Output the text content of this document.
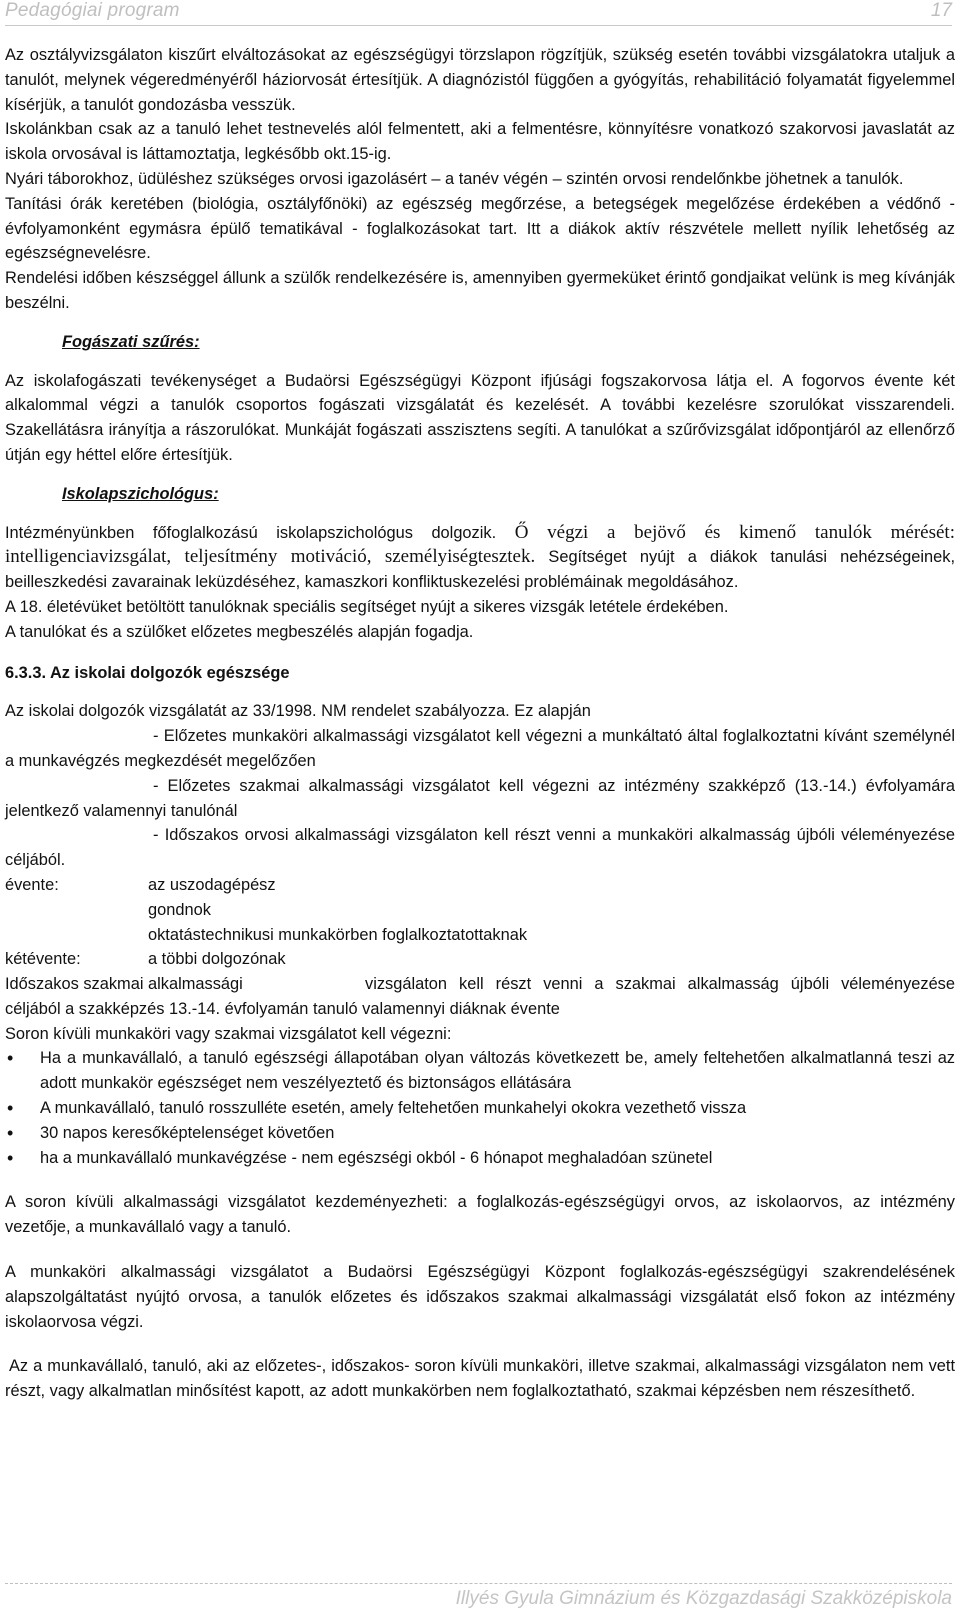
Pedagógiai program	17

Az osztályvizsgálaton kiszűrt elváltozásokat az egészségügyi törzslapon rögzítjük, szükség esetén további vizsgálatokra utaljuk a tanulót, melynek végeredményéről háziorvosát értesítjük. A diagnózistól függően a gyógyítás, rehabilitáció folyamatát figyelemmel kísérjük, a tanulót gondozásba vesszük.

Iskolánkban csak az a tanuló lehet testnevelés alól felmentett, aki a felmentésre, könnyítésre vonatkozó szakorvosi javaslatát az iskola orvosával is láttamoztatja, legkésőbb okt.15-ig.

Nyári táborokhoz, üdüléshez szükséges orvosi igazolásért – a tanév végén – szintén orvosi rendelőnkbe jöhetnek a tanulók.

Tanítási órák keretében (biológia, osztályfőnöki) az egészség megőrzése, a betegségek megelőzése érdekében a védőnő - évfolyamonként egymásra épülő tematikával - foglalkozásokat tart. Itt a diákok aktív részvétele mellett nyílik lehetőség az egészségnevelésre.

Rendelési időben készséggel állunk a szülők rendelkezésére is, amennyiben gyermeküket érintő gondjaikat velünk is meg kívánják beszélni.

Fogászati szűrés:

Az iskolafogászati tevékenységet a Budaörsi Egészségügyi Központ ifjúsági fogszakorvosa látja el. A fogorvos évente két alkalommal végzi a tanulók csoportos fogászati vizsgálatát és kezelését. A további kezelésre szorulókat visszarendeli. Szakellátásra irányítja a rászorulókat. Munkáját fogászati asszisztens segíti. A tanulókat a szűrővizsgálat időpontjáról az ellenőrző útján egy héttel előre értesítjük.

Iskolapszichológus:

Intézményünkben főfoglalkozású iskolapszichológus dolgozik. Ő végzi a bejövő és kimenő tanulók mérését: intelligenciavizsgálat, teljesítmény motiváció, személyiségtesztek. Segítséget nyújt a diákok tanulási nehézségeinek, beilleszkedési zavarainak leküzdéséhez, kamaszkori konfliktuskezelési problémáinak megoldásához.

A 18. életévüket betöltött tanulóknak speciális segítséget nyújt a sikeres vizsgák letétele érdekében.

A tanulókat és a szülőket előzetes megbeszélés alapján fogadja.

6.3.3. Az iskolai dolgozók egészsége

Az iskolai dolgozók vizsgálatát az 33/1998. NM rendelet szabályozza. Ez alapján

- Előzetes munkaköri alkalmassági vizsgálatot kell végezni a munkáltató által foglalkoztatni kívánt személynél a munkavégzés megkezdését megelőzően

- Előzetes szakmai alkalmassági vizsgálatot kell végezni az intézmény szakképző (13.-14.) évfolyamára jelentkező valamennyi tanulónál

- Időszakos orvosi alkalmassági vizsgálaton kell részt venni a munkaköri alkalmasság újbóli véleményezése céljából.

évente:	az uszodagépész
gondnok
oktatástechnikusi munkakörben foglalkoztatottaknak
kétévente:	a többi dolgozónak

Időszakos szakmai alkalmassági	vizsgálaton kell részt venni a szakmai alkalmasság újbóli véleményezése céljából a szakképzés 13.-14. évfolyamán tanuló valamennyi diáknak évente

Soron kívüli munkaköri vagy szakmai vizsgálatot kell végezni:

• Ha a munkavállaló, a tanuló egészségi állapotában olyan változás következett be, amely feltehetően alkalmatlanná teszi az adott munkakör egészséget nem veszélyeztető és biztonságos ellátására
• A munkavállaló, tanuló rosszulléte esetén, amely feltehetően munkahelyi okokra vezethető vissza
• 30 napos keresőképtelenséget követően
• ha a munkavállaló munkavégzése - nem egészségi okból - 6 hónapot meghaladóan szünetel

A soron kívüli alkalmassági vizsgálatot kezdeményezheti: a foglalkozás-egészségügyi orvos, az iskolaorvos, az intézmény vezetője, a munkavállaló vagy a tanuló.

A munkaköri alkalmassági vizsgálatot a Budaörsi Egészségügyi Központ foglalkozás-egészségügyi szakrendelésének alapszolgáltatást nyújtó orvosa, a tanulók előzetes és időszakos szakmai alkalmassági vizsgálatát első fokon az intézmény iskolaorvosa végzi.

Az a munkavállaló, tanuló, aki az előzetes-, időszakos- soron kívüli munkaköri, illetve szakmai, alkalmassági vizsgálaton nem vett részt, vagy alkalmatlan minősítést kapott, az adott munkakörben nem foglalkoztatható, szakmai képzésben nem részesíthető.

Illyés Gyula Gimnázium és Közgazdasági Szakközépiskola
